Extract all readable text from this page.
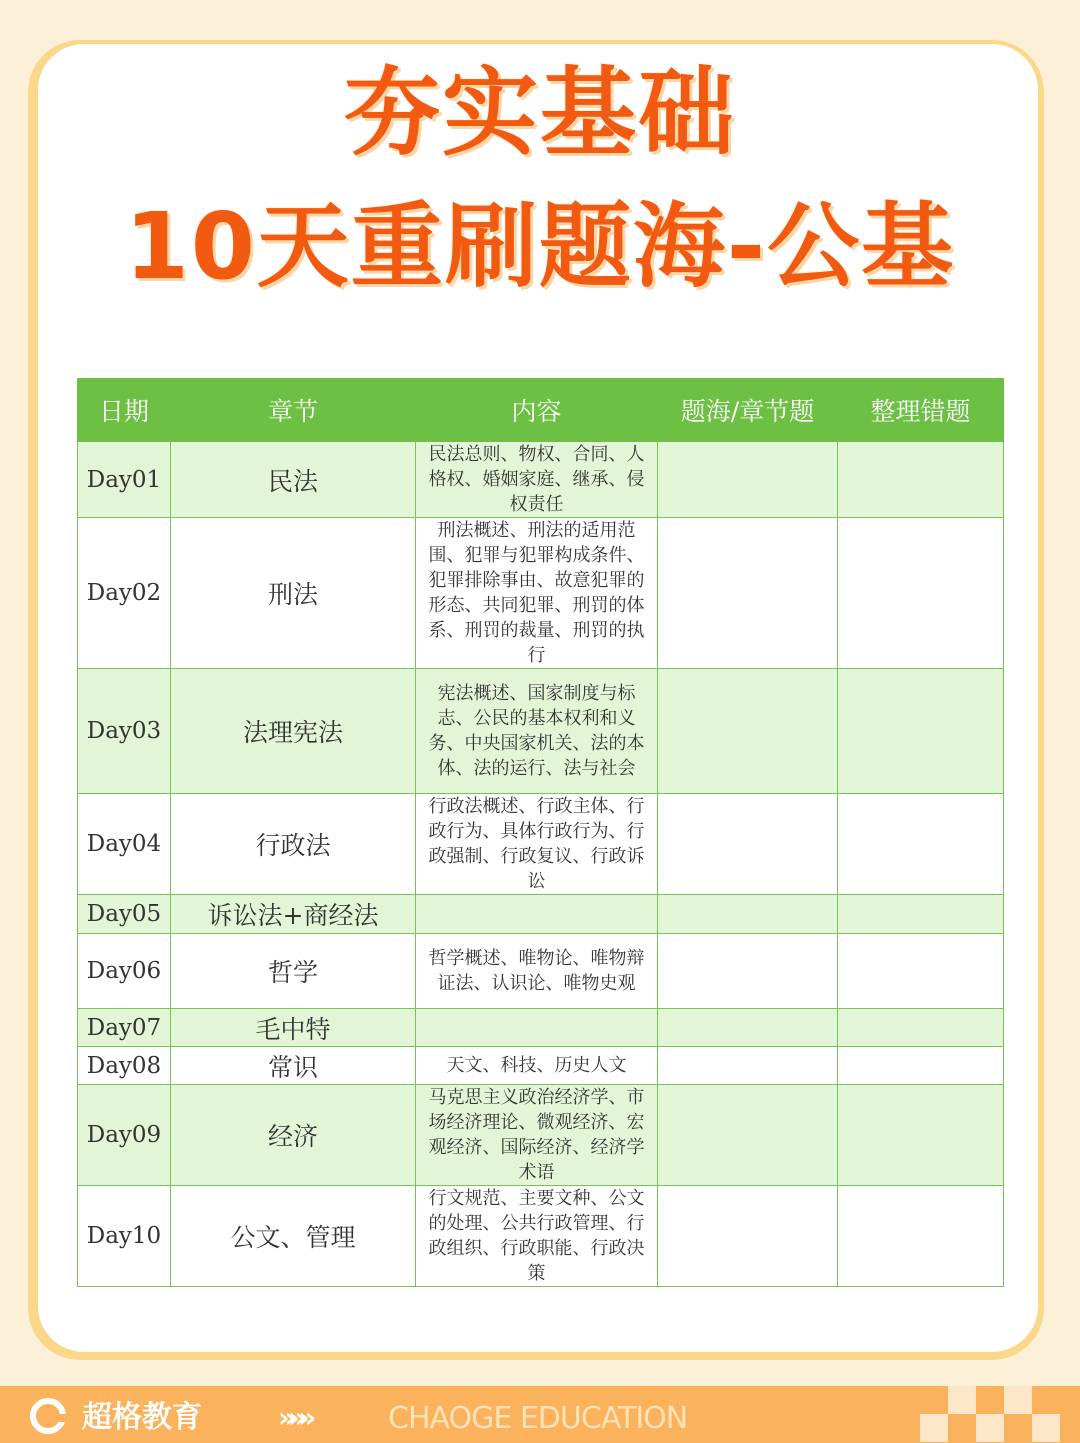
夯实基础
10天重刷题海-公基
日期	章节	内容	题海/章节题	整理错题
Day01	民法	民法总则、物权、合同、人格权、婚姻家庭、继承、侵权责任		
Day02	刑法	刑法概述、刑法的适用范围、犯罪与犯罪构成条件、犯罪排除事由、故意犯罪的形态、共同犯罪、刑罚的体系、刑罚的裁量、刑罚的执行		
Day03	法理宪法	宪法概述、国家制度与标志、公民的基本权利和义务、中央国家机关、法的本体、法的运行、法与社会		
Day04	行政法	行政法概述、行政主体、行政行为、具体行政行为、行政强制、行政复议、行政诉讼		
Day05	诉讼法+商经法			
Day06	哲学	哲学概述、唯物论、唯物辩证法、认识论、唯物史观		
Day07	毛中特			
Day08	常识	天文、科技、历史人文		
Day09	经济	马克思主义政治经济学、市场经济理论、微观经济、宏观经济、国际经济、经济学术语		
Day10	公文、管理	行文规范、主要文种、公文的处理、公共行政管理、行政组织、行政职能、行政决策		
超格教育	»»»	CHAOGE EDUCATION
